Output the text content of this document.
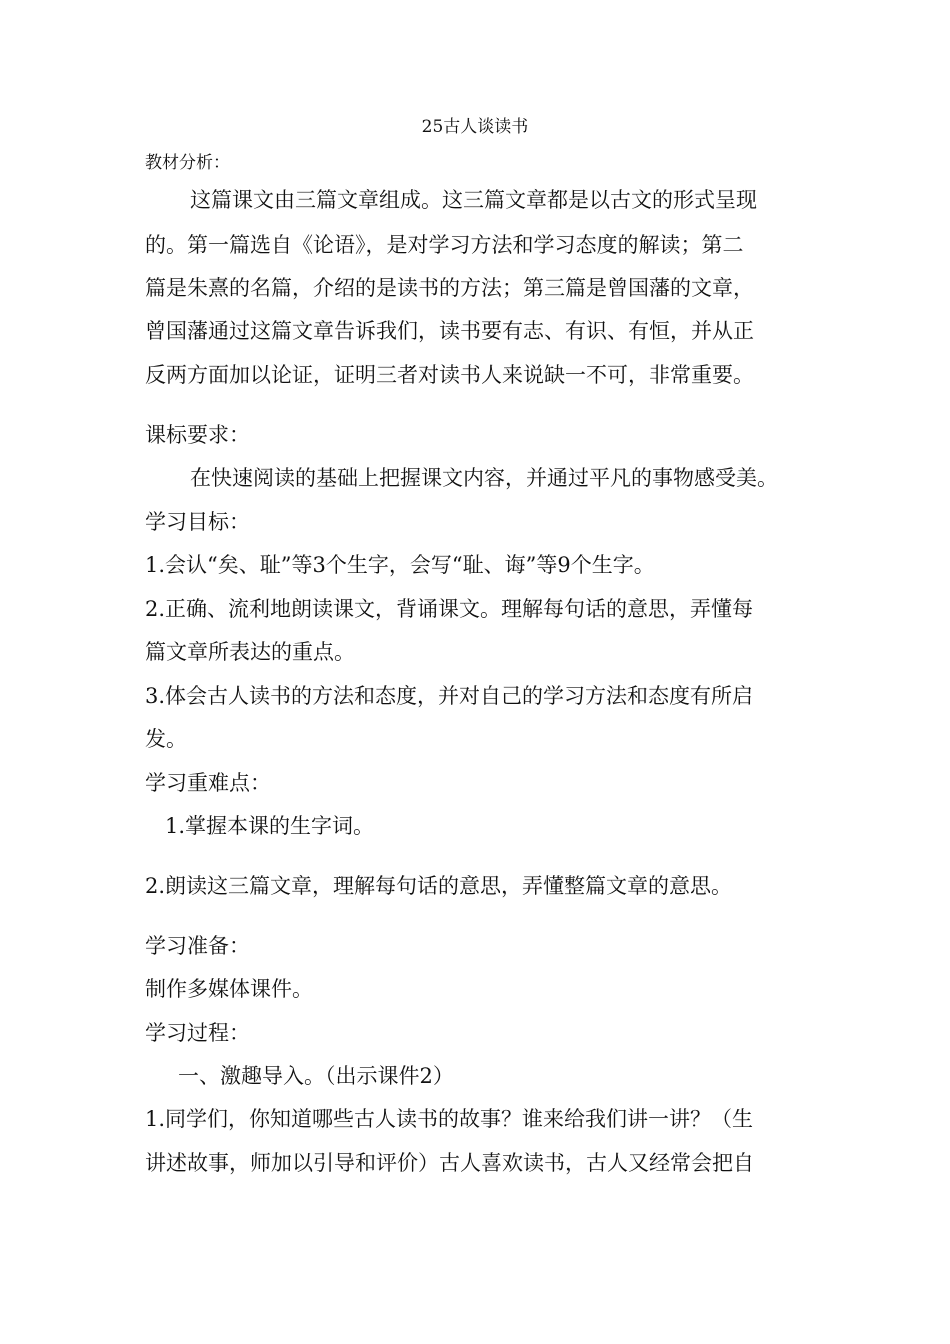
25古人谈读书
教材分析：
这篇课文由三篇文章组成。这三篇文章都是以古文的形式呈现
的。第一篇选自《论语》，是对学习方法和学习态度的解读；第二
篇是朱熹的名篇，介绍的是读书的方法；第三篇是曾国藩的文章，
曾国藩通过这篇文章告诉我们，读书要有志、有识、有恒，并从正
反两方面加以论证，证明三者对读书人来说缺一不可，非常重要。
课标要求：
在快速阅读的基础上把握课文内容，并通过平凡的事物感受美。
学习目标：
1.会认“矣、耻”等3个生字，会写“耻、诲”等9个生字。
2.正确、流利地朗读课文，背诵课文。理解每句话的意思，弄懂每
篇文章所表达的重点。
3.体会古人读书的方法和态度，并对自己的学习方法和态度有所启
发。
学习重难点：
1.掌握本课的生字词。
2.朗读这三篇文章，理解每句话的意思，弄懂整篇文章的意思。
学习准备：
制作多媒体课件。
学习过程：
一、激趣导入。（出示课件2）
1.同学们，你知道哪些古人读书的故事？谁来给我们讲一讲？（生
讲述故事，师加以引导和评价）古人喜欢读书，古人又经常会把自
